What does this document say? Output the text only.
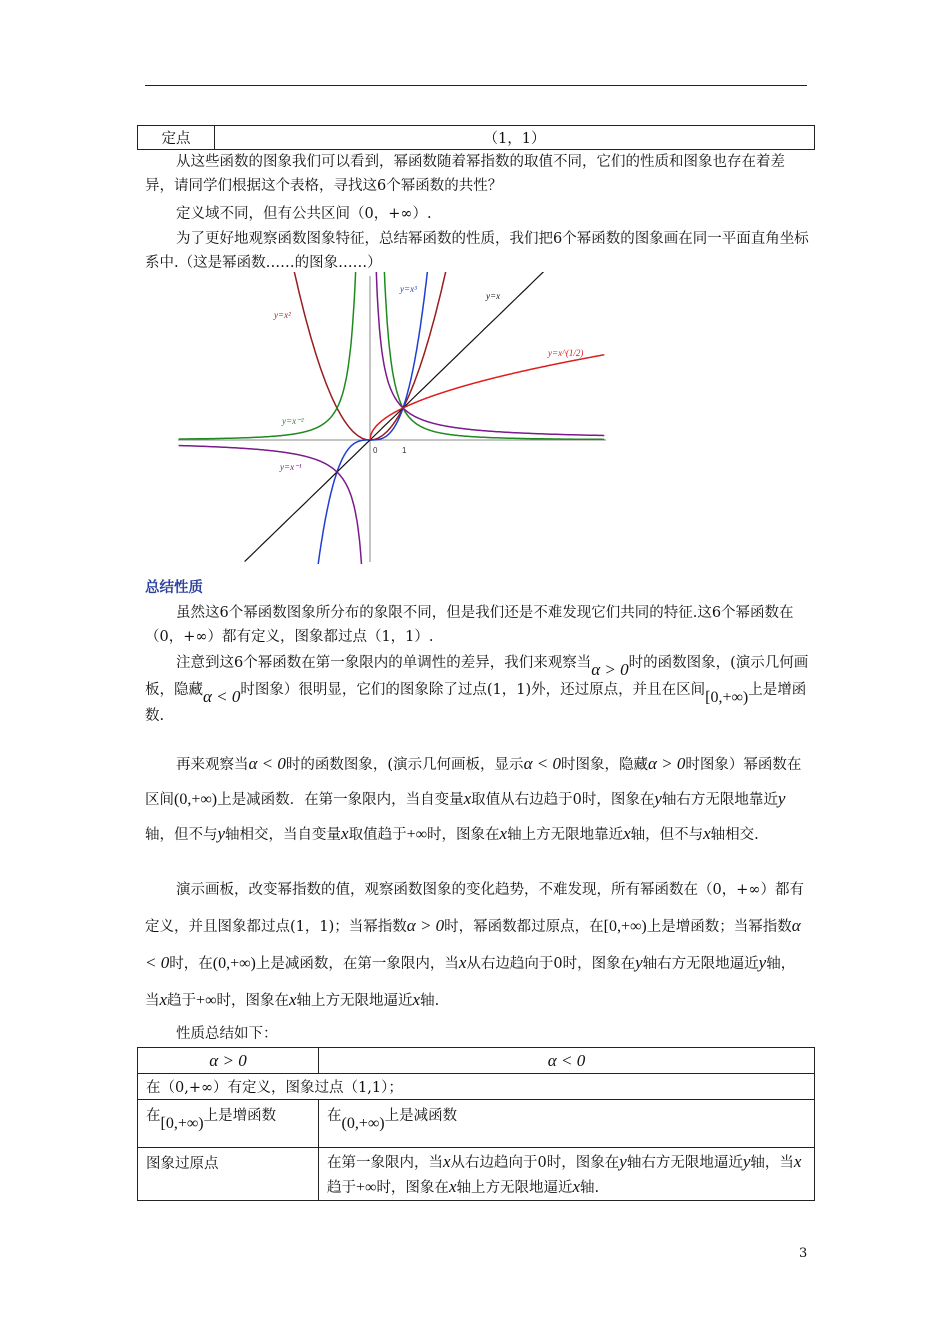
定点	（1，1）
从这些函数的图象我们可以看到，幂函数随着幂指数的取值不同，它们的性质和图象也存在着差异，请同学们根据这个表格，寻找这6个幂函数的共性？
定义域不同，但有公共区间（0，+∞）.
为了更好地观察函数图象特征，总结幂函数的性质，我们把6个幂函数的图象画在同一平面直角坐标系中.（这是幂函数……的图象……）
y=x³
y=x
y=x²
y=x^(1/2)
y=x⁻²
y=x⁻¹
0	1
总结性质
虽然这6个幂函数图象所分布的象限不同，但是我们还是不难发现它们共同的特征.这6个幂函数在（0，+∞）都有定义，图象都过点（1，1）.
注意到这6个幂函数在第一象限内的单调性的差异，我们来观察当α > 0时的函数图象，(演示几何画板，隐藏α < 0时图象）很明显，它们的图象除了过点(1，1)外，还过原点，并且在区间[0,+∞)上是增函数.
再来观察当α < 0时的函数图象，(演示几何画板，显示α < 0时图象，隐藏α > 0时图象）幂函数在区间(0,+∞)上是减函数．在第一象限内，当自变量x取值从右边趋于0时，图象在y轴右方无限地靠近y轴，但不与y轴相交，当自变量x取值趋于+∞时，图象在x轴上方无限地靠近x轴，但不与x轴相交.
演示画板，改变幂指数的值，观察函数图象的变化趋势，不难发现，所有幂函数在（0，+∞）都有定义，并且图象都过点(1，1)；当幂指数α > 0时，幂函数都过原点，在[0,+∞)上是增函数；当幂指数α < 0时，在(0,+∞)上是减函数，在第一象限内，当x从右边趋向于0时，图象在y轴右方无限地逼近y轴，当x趋于+∞时，图象在x轴上方无限地逼近x轴.
性质总结如下：
α > 0	α < 0
在（0,+∞）有定义，图象过点（1,1）；	
在[0,+∞)上是增函数	在(0,+∞)上是减函数
图象过原点	在第一象限内，当x从右边趋向于0时，图象在y轴右方无限地逼近y轴，当x趋于+∞时，图象在x轴上方无限地逼近x轴.
3
